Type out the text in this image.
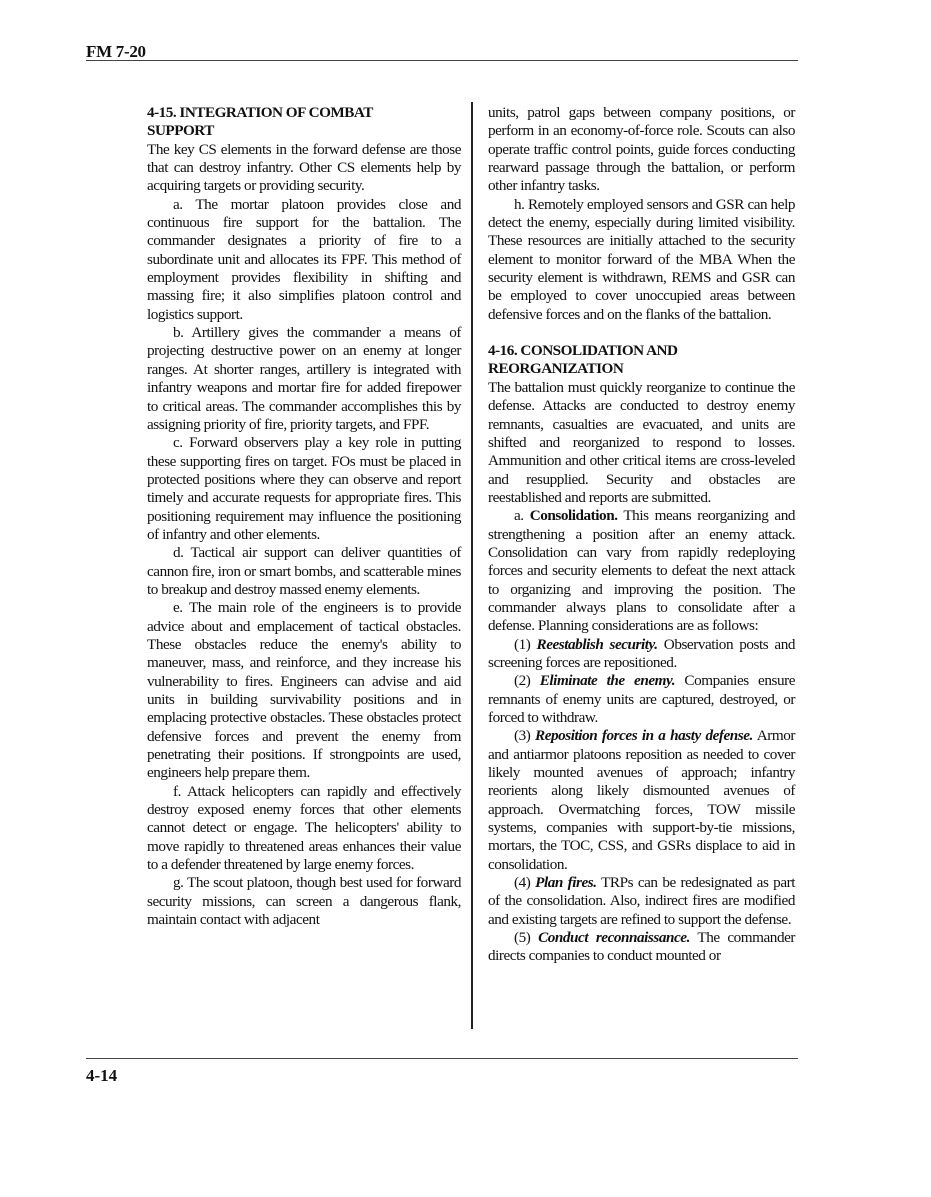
FM 7-20
4-15. INTEGRATION OF COMBAT
SUPPORT

The key CS elements in the forward defense are those that can destroy infantry. Other CS elements help by acquiring targets or providing security.

a. The mortar platoon provides close and continuous fire support for the battalion. The commander designates a priority of fire to a subordinate unit and allocates its FPF. This method of employment provides flexibility in shifting and massing fire; it also simplifies platoon control and logistics support.

b. Artillery gives the commander a means of projecting destructive power on an enemy at longer ranges. At shorter ranges, artillery is integrated with infantry weapons and mortar fire for added firepower to critical areas. The commander accomplishes this by assigning priority of fire, priority targets, and FPF.

c. Forward observers play a key role in putting these supporting fires on target. FOs must be placed in protected positions where they can observe and report timely and accurate requests for appropriate fires. This positioning requirement may influence the positioning of infantry and other elements.

d. Tactical air support can deliver quantities of cannon fire, iron or smart bombs, and scatterable mines to breakup and destroy massed enemy elements.

e. The main role of the engineers is to provide advice about and emplacement of tactical obstacles. These obstacles reduce the enemy's ability to maneuver, mass, and reinforce, and they increase his vulnerability to fires. Engineers can advise and aid units in building survivability positions and in emplacing protective obstacles. These obstacles protect defensive forces and prevent the enemy from penetrating their positions. If strongpoints are used, engineers help prepare them.

f. Attack helicopters can rapidly and effectively destroy exposed enemy forces that other elements cannot detect or engage. The helicopters' ability to move rapidly to threatened areas enhances their value to a defender threatened by large enemy forces.

g. The scout platoon, though best used for forward security missions, can screen a dangerous flank, maintain contact with adjacent

units, patrol gaps between company positions, or perform in an economy-of-force role. Scouts can also operate traffic control points, guide forces conducting rearward passage through the battalion, or perform other infantry tasks.

h. Remotely employed sensors and GSR can help detect the enemy, especially during limited visibility. These resources are initially attached to the security element to monitor forward of the MBA When the security element is withdrawn, REMS and GSR can be employed to cover unoccupied areas between defensive forces and on the flanks of the battalion.

4-16. CONSOLIDATION AND
REORGANIZATION

The battalion must quickly reorganize to continue the defense. Attacks are conducted to destroy enemy remnants, casualties are evacuated, and units are shifted and reorganized to respond to losses. Ammunition and other critical items are cross-leveled and resupplied. Security and obstacles are reestablished and reports are submitted.

a. Consolidation. This means reorganizing and strengthening a position after an enemy attack. Consolidation can vary from rapidly redeploying forces and security elements to defeat the next attack to organizing and improving the position. The commander always plans to consolidate after a defense. Planning considerations are as follows:

(1) Reestablish security. Observation posts and screening forces are repositioned.

(2) Eliminate the enemy. Companies ensure remnants of enemy units are captured, destroyed, or forced to withdraw.

(3) Reposition forces in a hasty defense. Armor and antiarmor platoons reposition as needed to cover likely mounted avenues of approach; infantry reorients along likely dismounted avenues of approach. Overmatching forces, TOW missile systems, companies with support-by-tie missions, mortars, the TOC, CSS, and GSRs displace to aid in consolidation.

(4) Plan fires. TRPs can be redesignated as part of the consolidation. Also, indirect fires are modified and existing targets are refined to support the defense.

(5) Conduct reconnaissance. The commander directs companies to conduct mounted or

4-14
